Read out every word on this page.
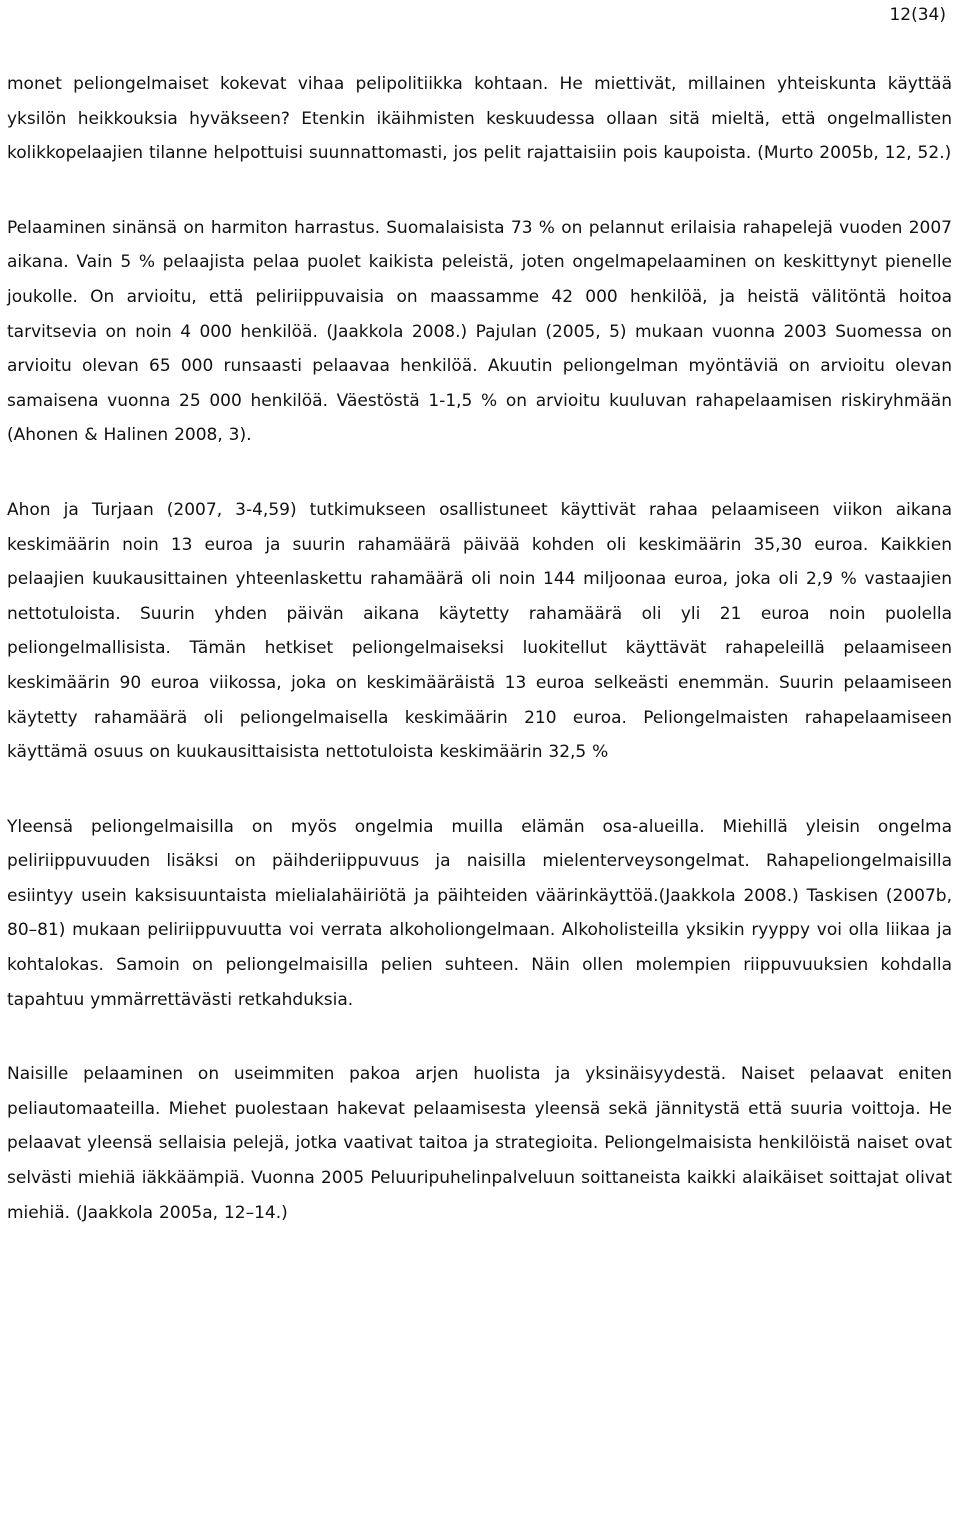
12(34)

monet peliongelmaiset kokevat vihaa pelipolitiikka kohtaan. He miettivät, millainen yhteiskunta käyttää yksilön heikkouksia hyväkseen? Etenkin ikäihmisten keskuudessa ollaan sitä mieltä, että ongelmallisten kolikkopelaajien tilanne helpottuisi suunnattomasti, jos pelit rajattaisiin pois kaupoista. (Murto 2005b, 12, 52.)

Pelaaminen sinänsä on harmiton harrastus. Suomalaisista 73 % on pelannut erilaisia rahapelejä vuoden 2007 aikana. Vain 5 % pelaajista pelaa puolet kaikista peleistä, joten ongelmapelaaminen on keskittynyt pienelle joukolle. On arvioitu, että peliriippuvaisia on maassamme 42 000 henkilöä, ja heistä välitöntä hoitoa tarvitsevia on noin 4 000 henkilöä. (Jaakkola 2008.) Pajulan (2005, 5) mukaan vuonna 2003 Suomessa on arvioitu olevan 65 000 runsaasti pelaavaa henkilöä. Akuutin peliongelman myöntäviä on arvioitu olevan samaisena vuonna 25 000 henkilöä. Väestöstä 1-1,5 % on arvioitu kuuluvan rahapelaamisen riskiryhmään (Ahonen & Halinen 2008, 3).

Ahon ja Turjaan (2007, 3-4,59) tutkimukseen osallistuneet käyttivät rahaa pelaamiseen viikon aikana keskimäärin noin 13 euroa ja suurin rahamäärä päivää kohden oli keskimäärin 35,30 euroa. Kaikkien pelaajien kuukausittainen yhteenlaskettu rahamäärä oli noin 144 miljoonaa euroa, joka oli 2,9 % vastaajien nettotuloista. Suurin yhden päivän aikana käytetty rahamäärä oli yli 21 euroa noin puolella peliongelmallisista. Tämän hetkiset peliongelmaiseksi luokitellut käyttävät rahapeleillä pelaamiseen keskimäärin 90 euroa viikossa, joka on keskimääräistä 13 euroa selkeästi enemmän. Suurin pelaamiseen käytetty rahamäärä oli peliongelmaisella keskimäärin 210 euroa. Peliongelmaisten rahapelaamiseen käyttämä osuus on kuukausittaisista nettotuloista keskimäärin 32,5 %

Yleensä peliongelmaisilla on myös ongelmia muilla elämän osa-alueilla. Miehillä yleisin ongelma peliriippuvuuden lisäksi on päihderiippuvuus ja naisilla mielenterveysongelmat. Rahapeliongelmaisilla esiintyy usein kaksisuuntaista mielialahäiriötä ja päihteiden väärinkäyttöä.(Jaakkola 2008.) Taskisen (2007b, 80–81) mukaan peliriippuvuutta voi verrata alkoholiongelmaan. Alkoholisteilla yksikin ryyppy voi olla liikaa ja kohtalokas. Samoin on peliongelmaisilla pelien suhteen. Näin ollen molempien riippuvuuksien kohdalla tapahtuu ymmärrettävästi retkahduksia.

Naisille pelaaminen on useimmiten pakoa arjen huolista ja yksinäisyydestä. Naiset pelaavat eniten peliautomaateilla. Miehet puolestaan hakevat pelaamisesta yleensä sekä jännitystä että suuria voittoja. He pelaavat yleensä sellaisia pelejä, jotka vaativat taitoa ja strategioita. Peliongelmaisista henkilöistä naiset ovat selvästi miehiä iäkkäämpiä. Vuonna 2005 Peluuripuhelinpalveluun soittaneista kaikki alaikäiset soittajat olivat miehiä. (Jaakkola 2005a, 12–14.)
